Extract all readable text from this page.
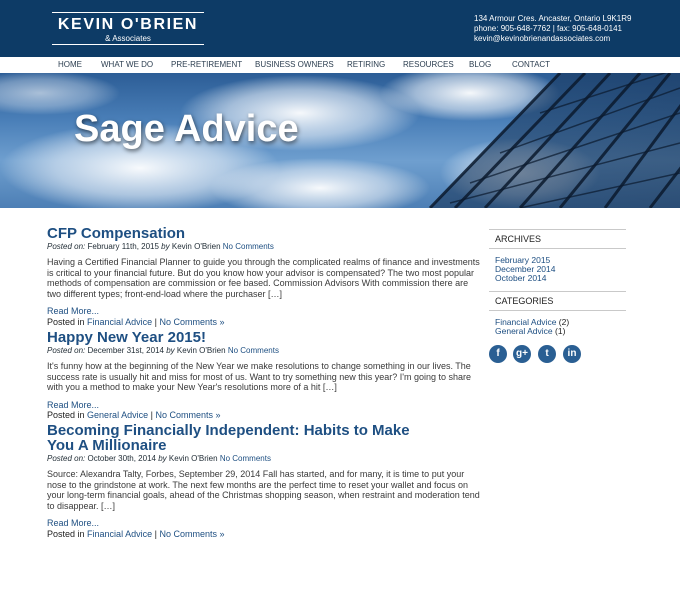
KEVIN O'BRIEN
& Associates
134 Armour Cres. Ancaster, Ontario L9K1R9
phone: 905-648-7762 | fax: 905-648-0141
kevin@kevinobrienandassociates.com
HOME WHAT WE DO PRE-RETIREMENT BUSINESS OWNERS RETIRING RESOURCES BLOG	CONTACT
Sage Advice
CFP Compensation
Posted on: February 11th, 2015 by Kevin O'Brien No Comments
Having a Certified Financial Planner to guide you through the complicated realms of finance and investments is critical to your financial future. But do you know how your advisor is compensated? The two most popular methods of compensation are commission or fee based. Commission Advisors With commission there are two different types; front-end-load where the purchaser […]
Read More...
Posted in Financial Advice | No Comments »
Happy New Year 2015!
Posted on: December 31st, 2014 by Kevin O'Brien No Comments
It's funny how at the beginning of the New Year we make resolutions to change something in our lives. The success rate is usually hit and miss for most of us. Want to try something new this year? I'm going to share with you a method to make your New Year's resolutions more of a hit […]
Read More...
Posted in General Advice | No Comments »
Becoming Financially Independent: Habits to Make You A Millionaire
Posted on: October 30th, 2014 by Kevin O'Brien No Comments
Source: Alexandra Talty, Forbes, September 29, 2014 Fall has started, and for many, it is time to put your nose to the grindstone at work. The next few months are the perfect time to reset your wallet and focus on your long-term financial goals, ahead of the Christmas shopping season, when restraint and moderation tend to disappear. […]
Read More...
Posted in Financial Advice | No Comments »
ARCHIVES
February 2015
December 2014
October 2014
CATEGORIES
Financial Advice (2)
General Advice (1)
f	g+	t	in
